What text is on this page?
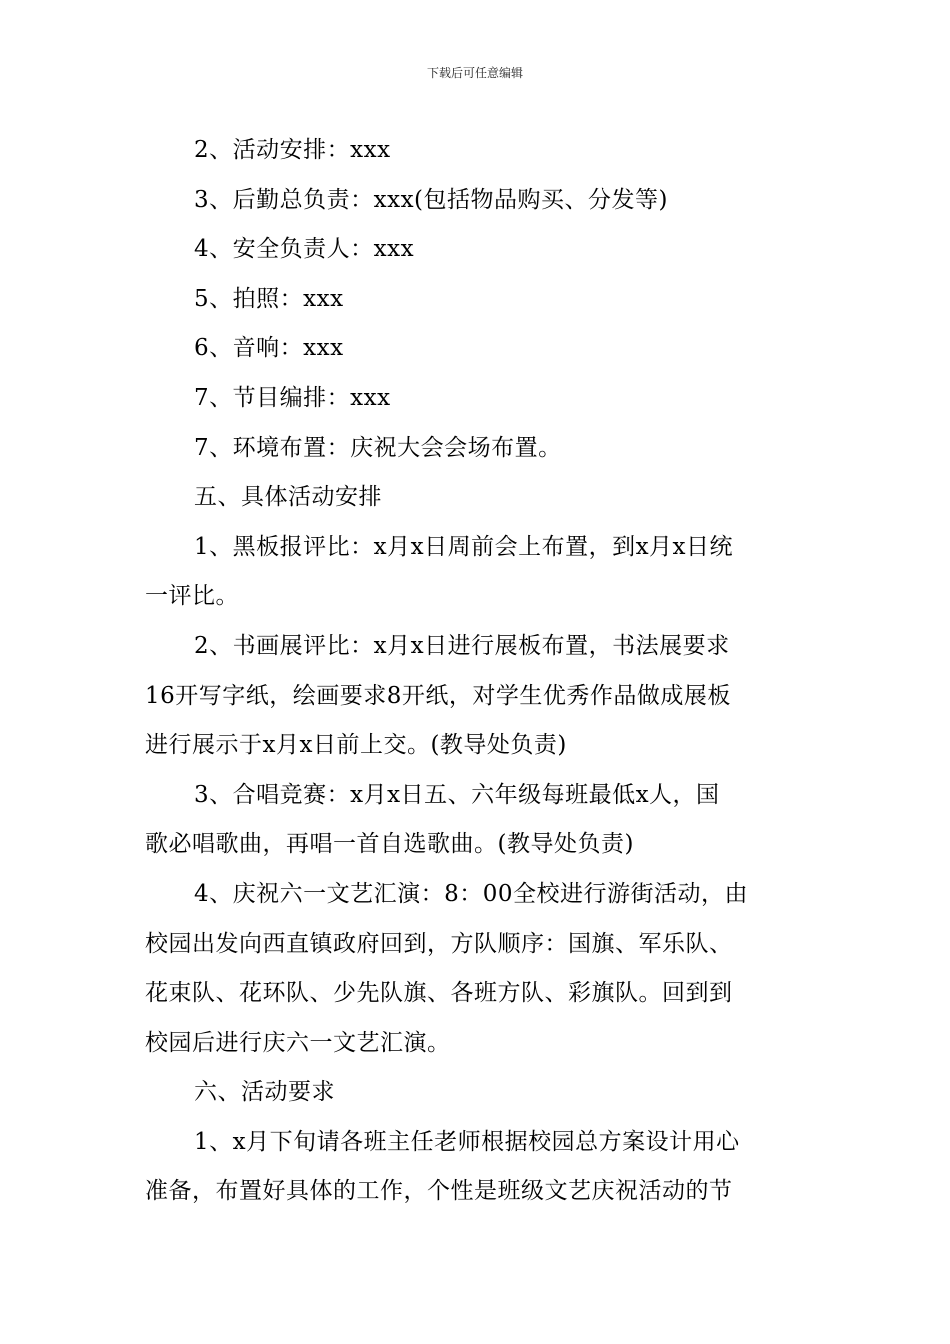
下载后可任意编辑

2、活动安排：xxx

3、后勤总负责：xxx(包括物品购买、分发等)

4、安全负责人：xxx

5、拍照：xxx

6、音响：xxx

7、节目编排：xxx

7、环境布置：庆祝大会会场布置。

五、具体活动安排

1、黑板报评比：x月x日周前会上布置，到x月x日统

一评比。

2、书画展评比：x月x日进行展板布置，书法展要求

16开写字纸，绘画要求8开纸，对学生优秀作品做成展板

进行展示于x月x日前上交。(教导处负责)

3、合唱竞赛：x月x日五、六年级每班最低x人，国

歌必唱歌曲，再唱一首自选歌曲。(教导处负责)

4、庆祝六一文艺汇演：8：00全校进行游街活动，由

校园出发向西直镇政府回到，方队顺序：国旗、军乐队、

花束队、花环队、少先队旗、各班方队、彩旗队。回到到

校园后进行庆六一文艺汇演。

六、活动要求

1、x月下旬请各班主任老师根据校园总方案设计用心

准备，布置好具体的工作，个性是班级文艺庆祝活动的节
